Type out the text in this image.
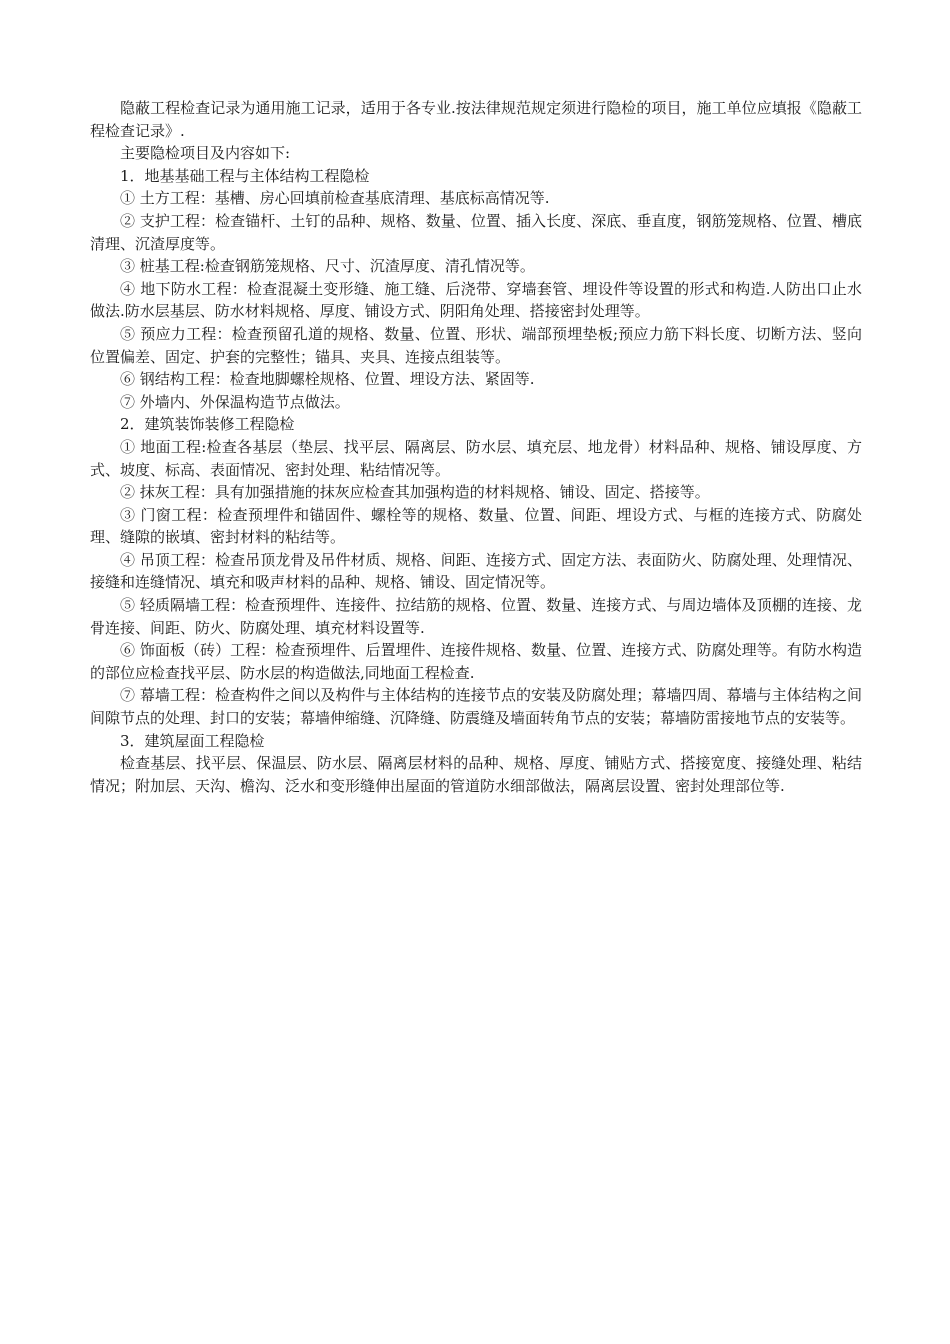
隐蔽工程检查记录为通用施工记录，适用于各专业.按法律规范规定须进行隐检的项目，施工单位应填报《隐蔽工程检查记录》.

主要隐检项目及内容如下:

1．地基基础工程与主体结构工程隐检

① 土方工程：基槽、房心回填前检查基底清理、基底标高情况等.

② 支护工程：检查锚杆、土钉的品种、规格、数量、位置、插入长度、深底、垂直度，钢筋笼规格、位置、槽底清理、沉渣厚度等。

③ 桩基工程:检查钢筋笼规格、尺寸、沉渣厚度、清孔情况等。

④ 地下防水工程：检查混凝土变形缝、施工缝、后浇带、穿墙套管、埋设件等设置的形式和构造.人防出口止水做法.防水层基层、防水材料规格、厚度、铺设方式、阴阳角处理、搭接密封处理等。

⑤ 预应力工程：检查预留孔道的规格、数量、位置、形状、端部预埋垫板;预应力筋下料长度、切断方法、竖向位置偏差、固定、护套的完整性；锚具、夹具、连接点组装等。

⑥ 钢结构工程：检查地脚螺栓规格、位置、埋设方法、紧固等.

⑦ 外墙内、外保温构造节点做法。

2．建筑装饰装修工程隐检

① 地面工程:检查各基层（垫层、找平层、隔离层、防水层、填充层、地龙骨）材料品种、规格、铺设厚度、方式、坡度、标高、表面情况、密封处理、粘结情况等。

② 抹灰工程：具有加强措施的抹灰应检查其加强构造的材料规格、铺设、固定、搭接等。

③ 门窗工程：检查预埋件和锚固件、螺栓等的规格、数量、位置、间距、埋设方式、与框的连接方式、防腐处理、缝隙的嵌填、密封材料的粘结等。

④ 吊顶工程：检查吊顶龙骨及吊件材质、规格、间距、连接方式、固定方法、表面防火、防腐处理、处理情况、接缝和连缝情况、填充和吸声材料的品种、规格、铺设、固定情况等。

⑤ 轻质隔墙工程：检查预埋件、连接件、拉结筋的规格、位置、数量、连接方式、与周边墙体及顶棚的连接、龙骨连接、间距、防火、防腐处理、填充材料设置等.

⑥ 饰面板（砖）工程：检查预埋件、后置埋件、连接件规格、数量、位置、连接方式、防腐处理等。有防水构造的部位应检查找平层、防水层的构造做法,同地面工程检查.

⑦ 幕墙工程：检查构件之间以及构件与主体结构的连接节点的安装及防腐处理；幕墙四周、幕墙与主体结构之间间隙节点的处理、封口的安装；幕墙伸缩缝、沉降缝、防震缝及墙面转角节点的安装；幕墙防雷接地节点的安装等。

3．建筑屋面工程隐检

检查基层、找平层、保温层、防水层、隔离层材料的品种、规格、厚度、铺贴方式、搭接宽度、接缝处理、粘结情况；附加层、天沟、檐沟、泛水和变形缝伸出屋面的管道防水细部做法，隔离层设置、密封处理部位等.
